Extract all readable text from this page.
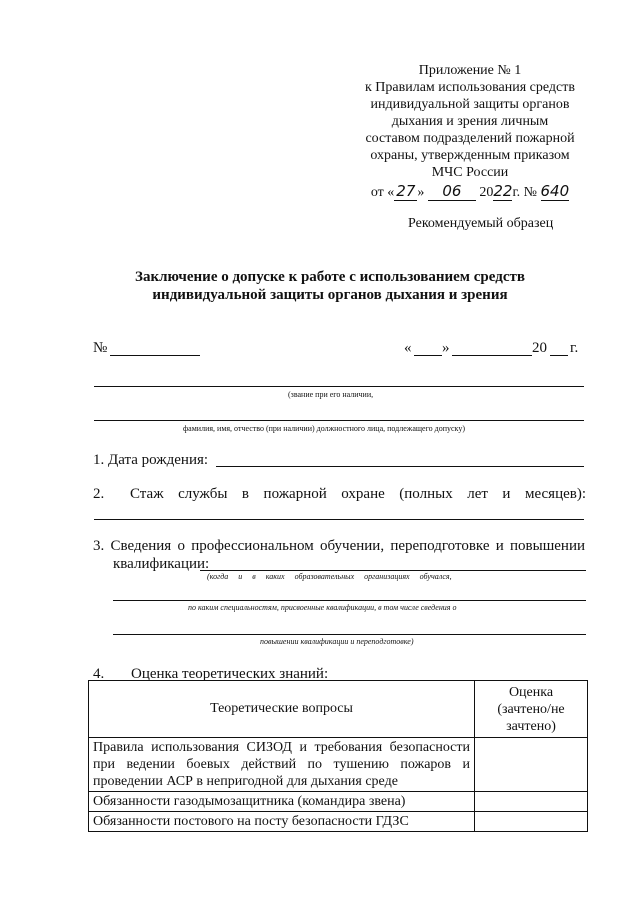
Приложение № 1
к Правилам использования средств
индивидуальной защиты органов
дыхания и зрения личным
составом подразделений пожарной
охраны, утвержденным приказом
МЧС России
от « 27 » 06 2022г. № 640
Рекомендуемый образец
Заключение о допуске к работе с использованием средств
индивидуальной защиты органов дыхания и зрения
№	« »	20 г.
(звание при его наличии,
фамилия, имя, отчество (при наличии) должностного лица, подлежащего допуску)
1. Дата рождения:
2. Стаж службы в пожарной охране (полных лет и месяцев):
3. Сведения о профессиональном обучении, переподготовке и повышении
квалификации:
(когда     и     в     каких     образовательных     организациях     обучался,
по каким специальностям, присвоенные квалификации, в том числе сведения о
повышении квалификации и переподготовке)
4. Оценка теоретических знаний:
Теоретические вопросы	Оценка
(зачтено/не
зачтено)

Правила использования СИЗОД и требования безопасности при ведении боевых действий по тушению пожаров и проведении АСР в непригодной для дыхания среде	
Обязанности газодымозащитника (командира звена)	
Обязанности постового на посту безопасности ГДЗС	
